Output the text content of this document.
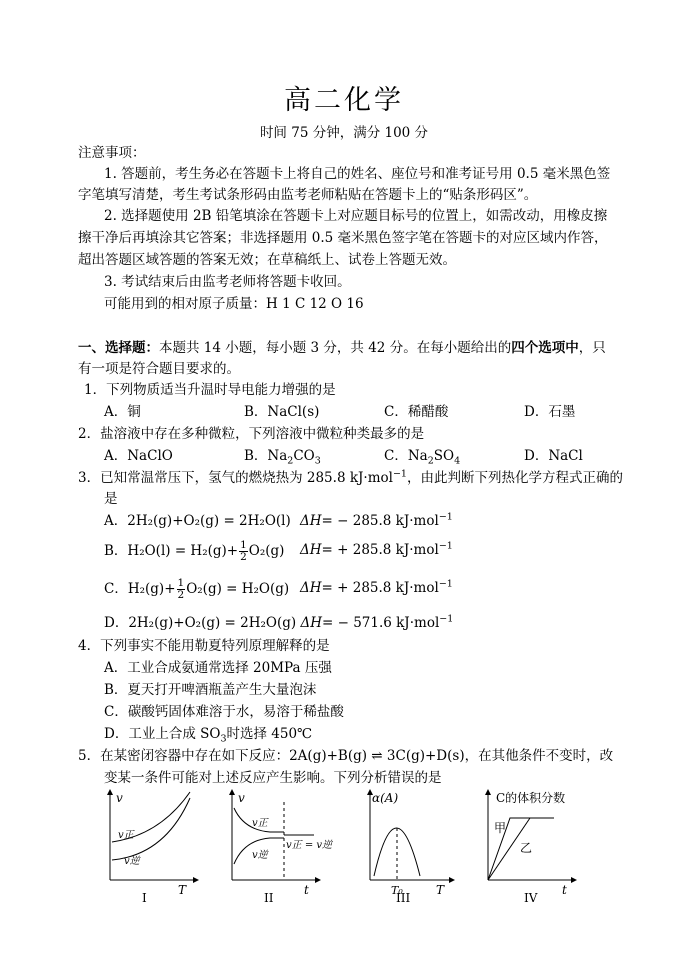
高二化学
时间 75 分钟，满分 100 分
注意事项：
1. 答题前，考生务必在答题卡上将自己的姓名、座位号和准考证号用 0.5 毫米黑色签
字笔填写清楚，考生考试条形码由监考老师粘贴在答题卡上的“贴条形码区”。
2. 选择题使用 2B 铅笔填涂在答题卡上对应题目标号的位置上，如需改动，用橡皮擦
擦干净后再填涂其它答案；非选择题用 0.5 毫米黑色签字笔在答题卡的对应区域内作答，
超出答题区域答题的答案无效；在草稿纸上、试卷上答题无效。
3. 考试结束后由监考老师将答题卡收回。
可能用到的相对原子质量：H 1 C 12 O 16
一、选择题：本题共 14 小题，每小题 3 分，共 42 分。在每小题给出的四个选项中，只
有一项是符合题目要求的。
1．下列物质适当升温时导电能力增强的是
A．铜	B．NaCl(s)	C．稀醋酸	D．石墨
2．盐溶液中存在多种微粒，下列溶液中微粒种类最多的是
A．NaClO	B．$Na_2CO_3$	C．$Na_2SO_4$	D．NaCl
3．已知常温常压下，氢气的燃烧热为 285.8 kJ·mol$^{-1}$，由此判断下列热化学方程式正确的
是
A．2H₂(g)+O₂(g) = 2H₂O(l) ΔH= − 285.8 kJ·mol$^{-1}$
B．$H_2O(l) = H_2(g)+ \frac{1}{2} O_2(g) \Delta H= + 285.8$ kJ·mol$^{-1}$
C．$H_2(g)+ \frac{1}{2} O_2(g) = H_2O(g) \Delta H= + 285.8$ kJ·mol$^{-1}$
D．2H₂(g)+O₂(g) = 2H₂O(g) ΔH= − 571.6 kJ·mol$^{-1}$
4．下列事实不能用勒夏特列原理解释的是
A．工业合成氨通常选择 20MPa 压强
B．夏天打开啤酒瓶盖产生大量泡沫
C．碳酸钙固体难溶于水，易溶于稀盐酸
D．工业上合成 $SO_3$时选择 450℃
5．在某密闭容器中存在如下反应：2A(g)+B(g) ⇌ 3C(g)+D(s)，在其他条件不变时，改
变某一条件可能对上述反应产生影响。下列分析错误的是
v
T
v正
v逆
I
v
t
v正
v逆
v正 = v逆
II
α(A)
T
T₀
III
C的体积分数
t
甲
乙
IV
